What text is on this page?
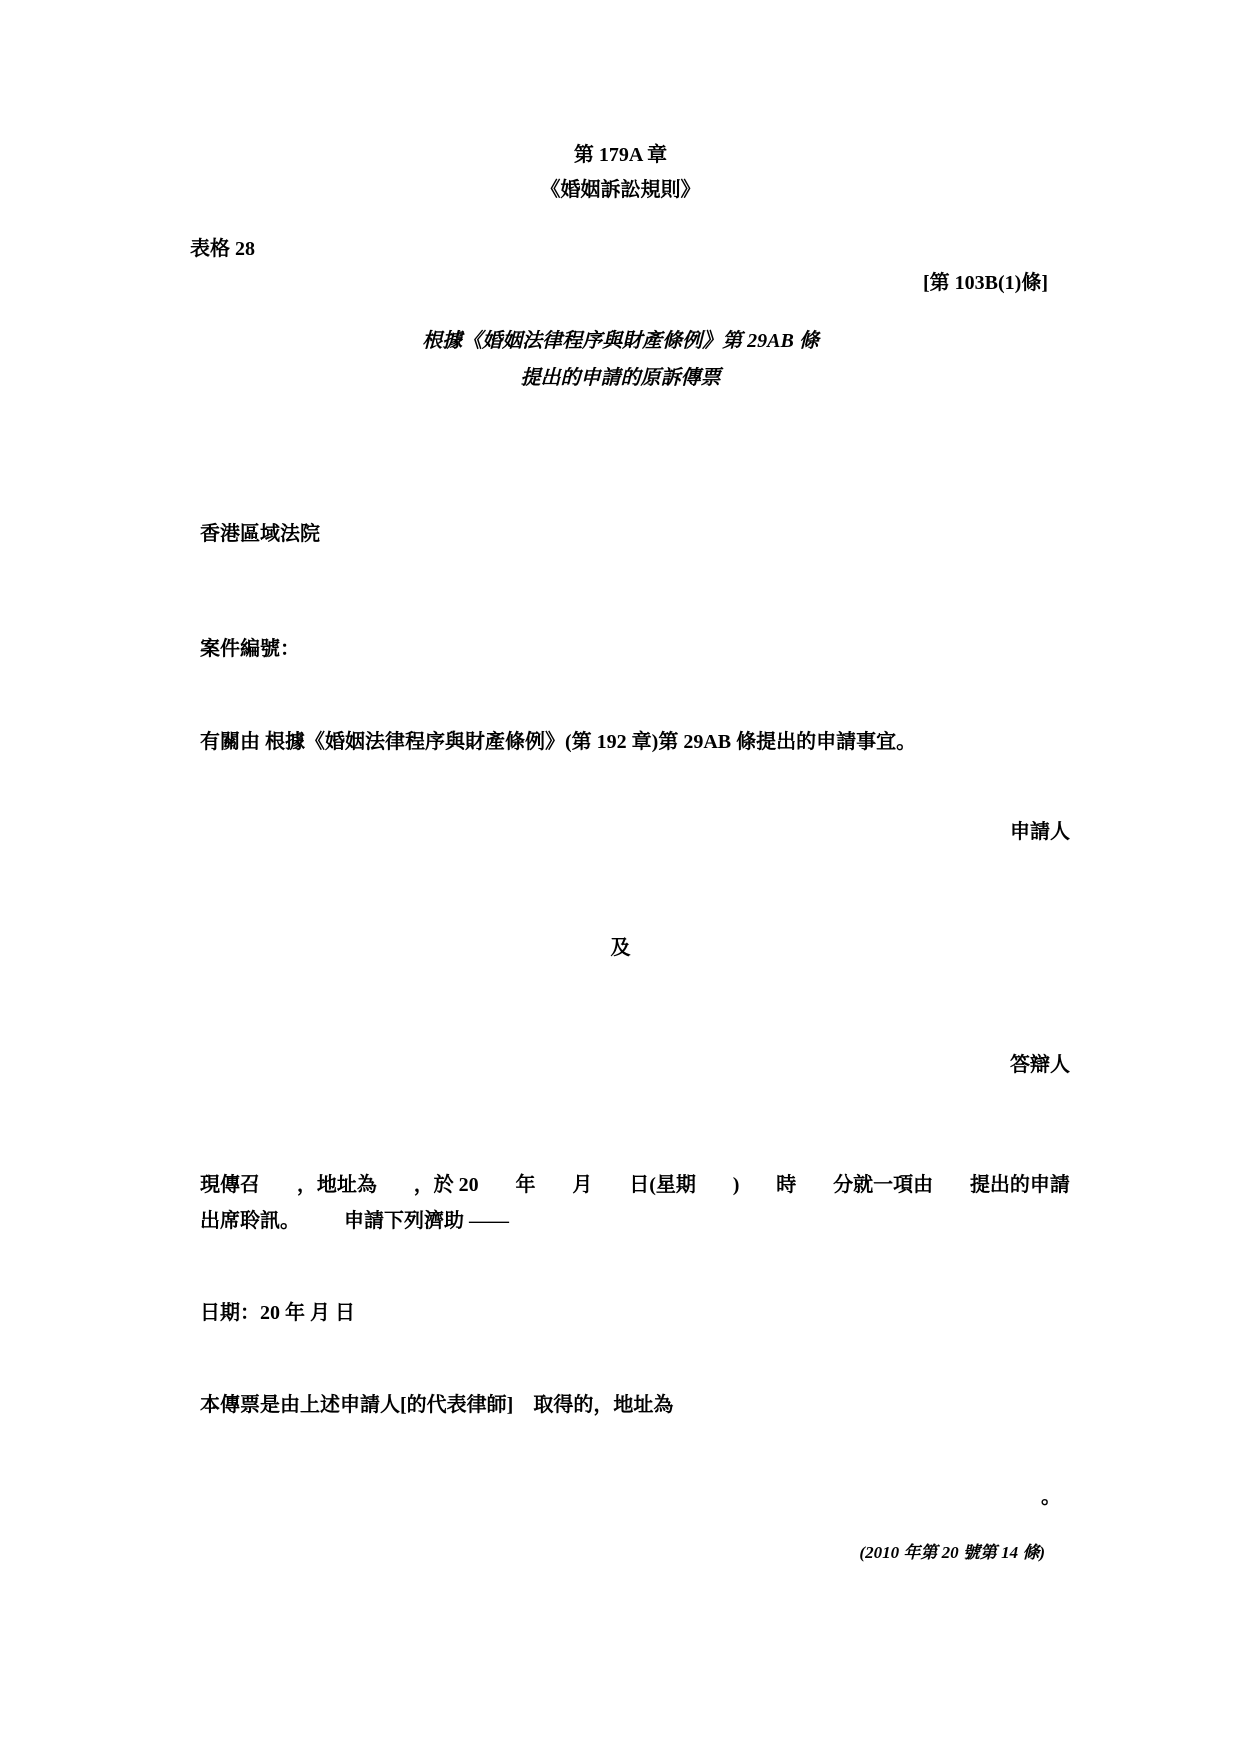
第 179A 章
《婚姻訴訟規則》
表格 28
[第 103B(1)條]
根據《婚姻法律程序與財產條例》第 29AB 條
提出的申請的原訴傳票
香港區域法院
案件編號：
有關由 根據《婚姻法律程序與財產條例》(第 192 章)第 29AB 條提出的申請事宜。
申請人
及
答辯人
現傳召 ，地址為 ，於 20 年 月 日(星期 ) 時 分就一項由 提出的申請
出席聆訊。 申請下列濟助 ——
日期：20 年 月 日
本傳票是由上述申請人[的代表律師]　取得的，地址為
。
(2010 年第 20 號第 14 條)
